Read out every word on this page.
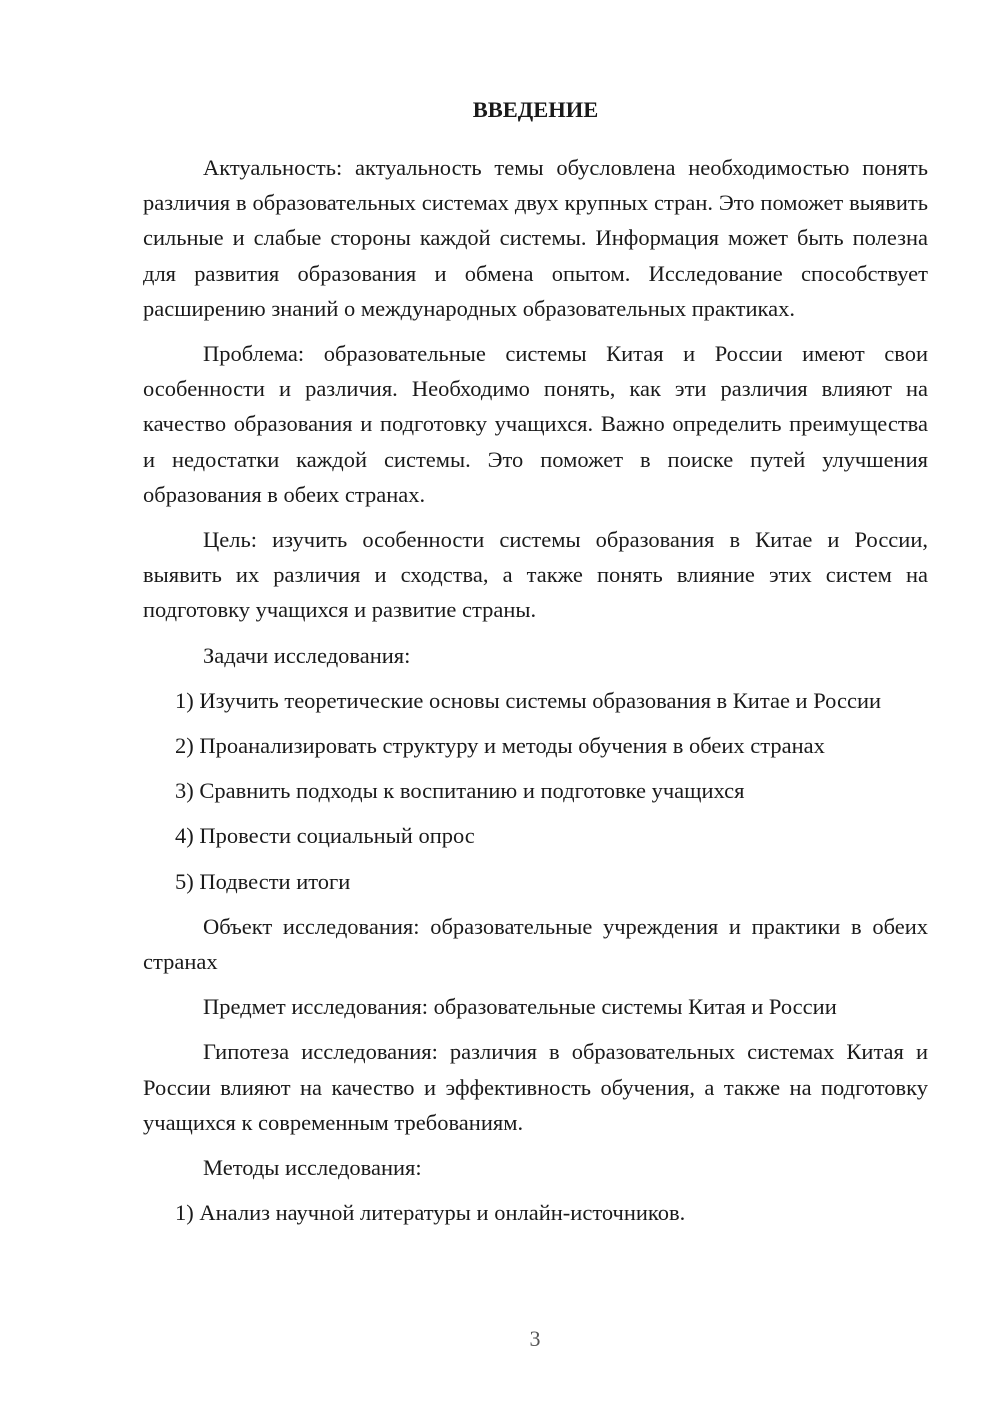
ВВЕДЕНИЕ

Актуальность: актуальность темы обусловлена необходимостью понять различия в образовательных системах двух крупных стран. Это поможет выявить сильные и слабые стороны каждой системы. Информация может быть полезна для развития образования и обмена опытом. Исследование способствует расширению знаний о международных образовательных практиках.

Проблема: образовательные системы Китая и России имеют свои особенности и различия. Необходимо понять, как эти различия влияют на качество образования и подготовку учащихся. Важно определить преимущества и недостатки каждой системы. Это поможет в поиске путей улучшения образования в обеих странах.

Цель: изучить особенности системы образования в Китае и России, выявить их различия и сходства, а также понять влияние этих систем на подготовку учащихся и развитие страны.

Задачи исследования:

1) Изучить теоретические основы системы образования в Китае и России

2) Проанализировать структуру и методы обучения в обеих странах

3) Сравнить подходы к воспитанию и подготовке учащихся

4) Провести социальный опрос

5) Подвести итоги

Объект исследования: образовательные учреждения и практики в обеих странах

Предмет исследования: образовательные системы Китая и России

Гипотеза исследования: различия в образовательных системах Китая и России влияют на качество и эффективность обучения, а также на подготовку учащихся к современным требованиям.

Методы исследования:

1) Анализ научной литературы и онлайн-источников.

3
